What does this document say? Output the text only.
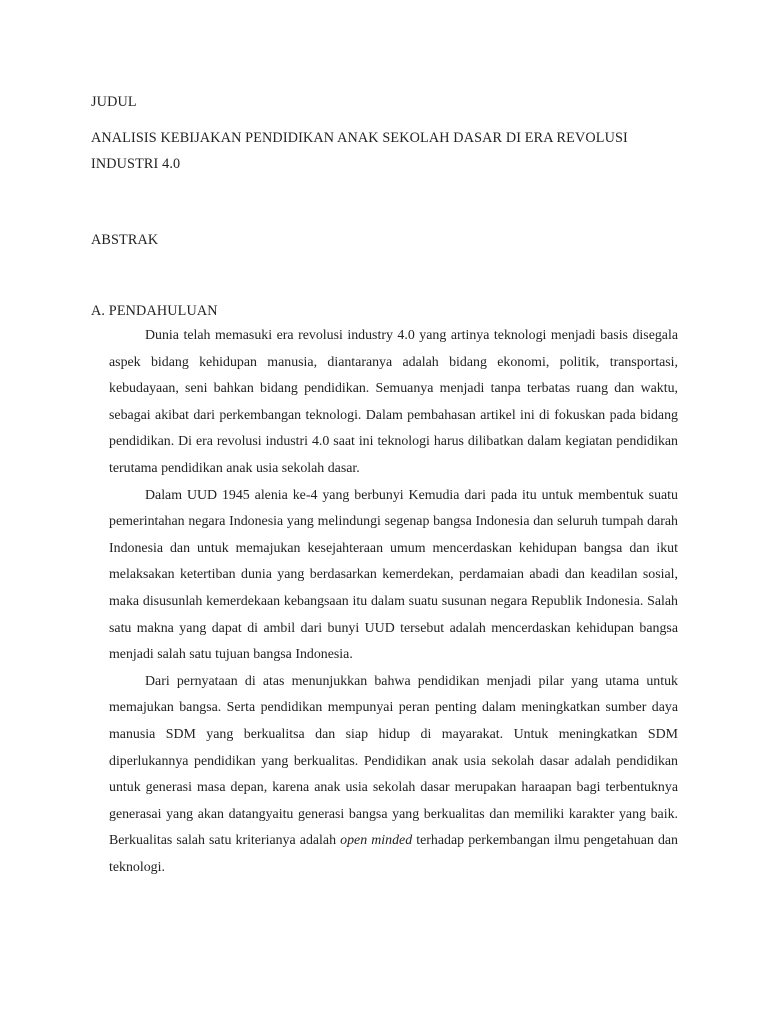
JUDUL
ANALISIS KEBIJAKAN PENDIDIKAN ANAK SEKOLAH DASAR DI ERA REVOLUSI INDUSTRI 4.0
ABSTRAK
A. PENDAHULUAN

Dunia telah memasuki era revolusi industry 4.0 yang artinya teknologi menjadi basis disegala aspek bidang kehidupan manusia, diantaranya adalah bidang ekonomi, politik, transportasi, kebudayaan, seni bahkan bidang pendidikan. Semuanya menjadi tanpa terbatas ruang dan waktu, sebagai akibat dari perkembangan teknologi. Dalam pembahasan artikel ini di fokuskan pada bidang pendidikan. Di era revolusi industri 4.0 saat ini teknologi harus dilibatkan dalam kegiatan pendidikan terutama pendidikan anak usia sekolah dasar.

Dalam UUD 1945 alenia ke-4 yang berbunyi Kemudia dari pada itu untuk membentuk suatu pemerintahan negara Indonesia yang melindungi segenap bangsa Indonesia dan seluruh tumpah darah Indonesia dan untuk memajukan kesejahteraan umum mencerdaskan kehidupan bangsa dan ikut melaksakan ketertiban dunia yang berdasarkan kemerdekan, perdamaian abadi dan keadilan sosial, maka disusunlah kemerdekaan kebangsaan itu dalam suatu susunan negara Republik Indonesia. Salah satu makna yang dapat di ambil dari bunyi UUD tersebut adalah mencerdaskan kehidupan bangsa menjadi salah satu tujuan bangsa Indonesia.

Dari pernyataan di atas menunjukkan bahwa pendidikan menjadi pilar yang utama untuk memajukan bangsa. Serta pendidikan mempunyai peran penting dalam meningkatkan sumber daya manusia SDM yang berkualitsa dan siap hidup di mayarakat. Untuk meningkatkan SDM diperlukannya pendidikan yang berkualitas. Pendidikan anak usia sekolah dasar adalah pendidikan untuk generasi masa depan, karena anak usia sekolah dasar merupakan haraapan bagi terbentuknya generasai yang akan datangyaitu generasi bangsa yang berkualitas dan memiliki karakter yang baik. Berkualitas salah satu kriterianya adalah open minded terhadap perkembangan ilmu pengetahuan dan teknologi.
